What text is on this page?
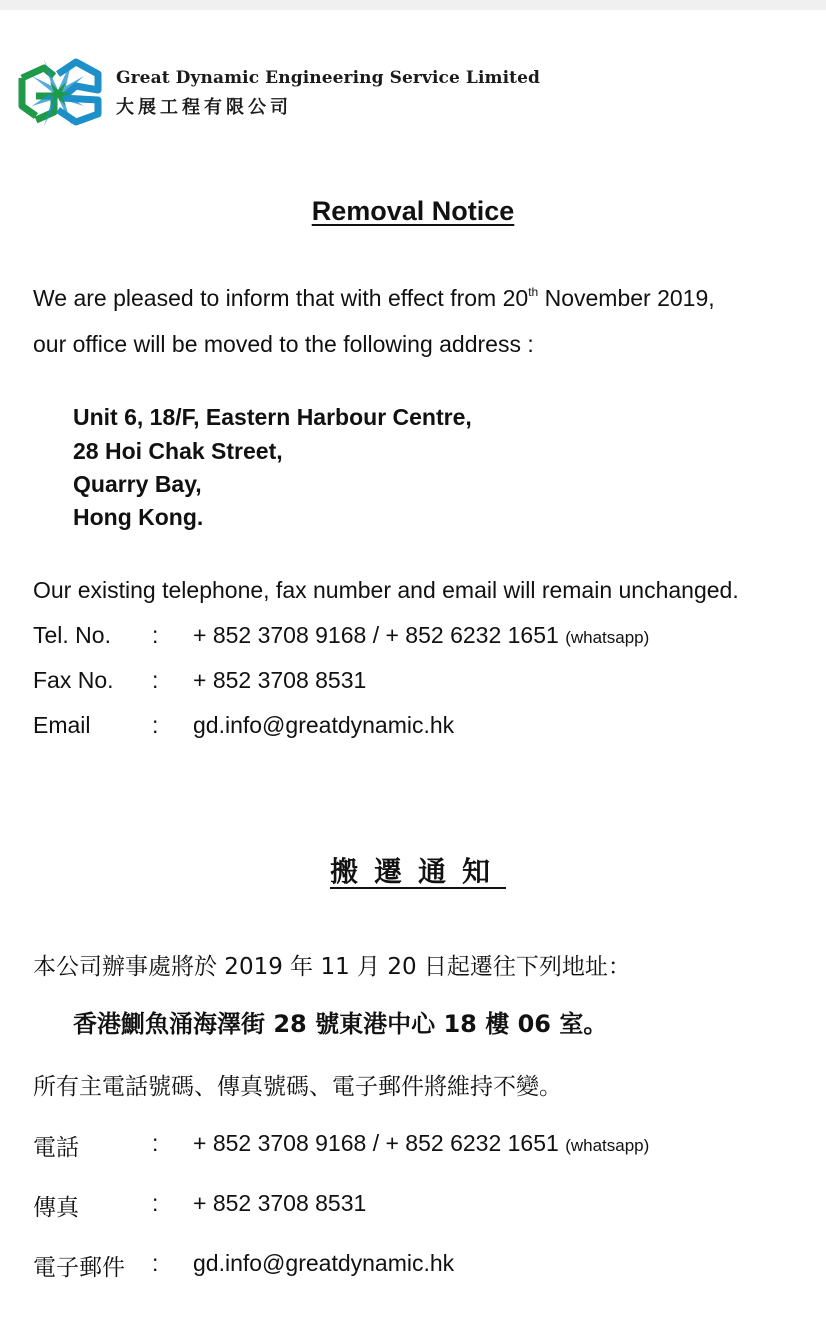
Great Dynamic Engineering Service Limited
大展工程有限公司
Removal Notice
We are pleased to inform that with effect from 20th November 2019,
our office will be moved to the following address :
Unit 6, 18/F, Eastern Harbour Centre,
28 Hoi Chak Street,
Quarry Bay,
Hong Kong.
Our existing telephone, fax number and email will remain unchanged.
Tel. No. : + 852 3708 9168 / + 852 6232 1651 (whatsapp)
Fax No. : + 852 3708 8531
Email	: gd.info@greatdynamic.hk
搬遷通知
本公司辦事處將於 2019 年 11 月 20 日起遷往下列地址：
香港鰂魚涌海澤街 28 號東港中心 18 樓 06 室。
所有主電話號碼、傳真號碼、電子郵件將維持不變。
電話	: + 852 3708 9168 / + 852 6232 1651 (whatsapp)
傳真	: + 852 3708 8531
電子郵件 : gd.info@greatdynamic.hk
